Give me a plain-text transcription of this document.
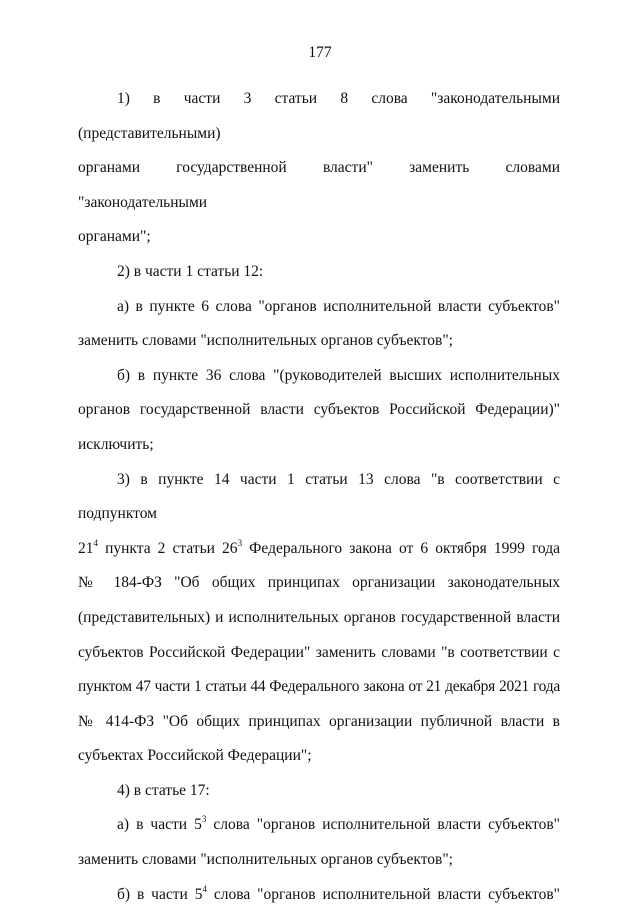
177

1) в части 3 статьи 8 слова "законодательными (представительными)
органами государственной власти" заменить словами "законодательными
органами";

2) в части 1 статьи 12:

а) в пункте 6 слова "органов исполнительной власти субъектов"
заменить словами "исполнительных органов субъектов";

б) в пункте 36 слова "(руководителей высших исполнительных
органов государственной власти субъектов Российской Федерации)"
исключить;

3) в пункте 14 части 1 статьи 13 слова "в соответствии с подпунктом
$21^4$ пункта 2 статьи $26^3$ Федерального закона от 6 октября 1999 года
№ 184-ФЗ "Об общих принципах организации законодательных
(представительных) и исполнительных органов государственной власти
субъектов Российской Федерации" заменить словами "в соответствии с
пунктом 47 части 1 статьи 44 Федерального закона от 21 декабря 2021 года
№ 414-ФЗ "Об общих принципах организации публичной власти в
субъектах Российской Федерации";

4) в статье 17:

а) в части $5^3$ слова "органов исполнительной власти субъектов"
заменить словами "исполнительных органов субъектов";

б) в части $5^4$ слова "органов исполнительной власти субъектов"
